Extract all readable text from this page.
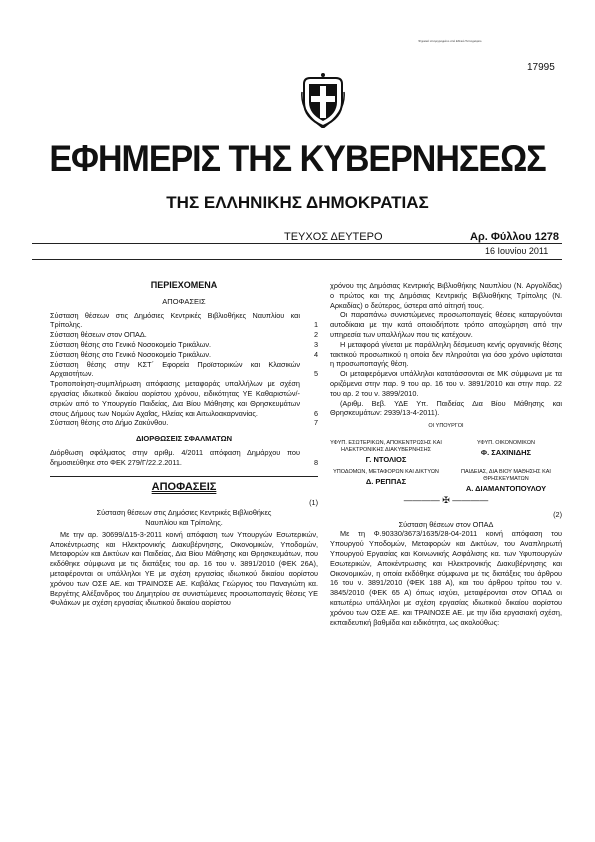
Ψηφιακά υπογεγραμμένο από Εθνικό Τυπογραφείο
17995
ΕΦΗΜΕΡΙΣ ΤΗΣ ΚΥΒΕΡΝΗΣΕΩΣ
ΤΗΣ ΕΛΛΗΝΙΚΗΣ ΔΗΜΟΚΡΑΤΙΑΣ
ΤΕΥΧΟΣ ΔΕΥΤΕΡΟ	Αρ. Φύλλου 1278
16 Ιουνίου 2011
ΠΕΡΙΕΧΟΜΕΝΑ
ΑΠΟΦΑΣΕΙΣ
Σύσταση θέσεων στις Δημόσιες Κεντρικές Βιβλιοθήκες Ναυπλίου και Τρίπολης.	1
Σύσταση θέσεων στον ΟΠΑΔ.	2
Σύσταση θέσης στο Γενικό Νοσοκομείο Τρικάλων.	3
Σύσταση θέσης στο Γενικό Νοσοκομείο Τρικάλων.	4
Σύσταση θέσης στην ΚΣΤ΄ Εφορεία Προϊστορικών και Κλασικών Αρχαιοτήτων.	5
Τροποποίηση-συμπλήρωση απόφασης μεταφοράς υπαλλήλων με σχέση εργασίας ιδιωτικού δικαίου αορίστου χρόνου, ειδικότητας ΥΕ Καθαριστών/-στριών από το Υπουργείο Παιδείας, Δια Βίου Μάθησης και Θρησκευμάτων στους Δήμους των Νομών Αχαΐας, Ηλείας και Αιτωλοακαρνανίας.	6
Σύσταση θέσης στο Δήμο Ζακύνθου.	7
ΔΙΟΡΘΩΣΕΙΣ ΣΦΑΛΜΑΤΩΝ
Διόρθωση σφάλματος στην αριθμ. 4/2011 απόφαση Δημάρχου που δημοσιεύθηκε στο ΦΕΚ 279/Γ/22.2.2011.	8
ΑΠΟΦΑΣΕΙΣ
(1)
Σύσταση θέσεων στις Δημόσιες Κεντρικές Βιβλιοθήκες Ναυπλίου και Τρίπολης.

Με την αρ. 30699/Δ15-3-2011 κοινή απόφαση των Υπουργών Εσωτερικών, Αποκέντρωσης και Ηλεκτρονικής Διακυβέρνησης, Οικονομικών, Υποδομών, Μεταφορών και Δικτύων και Παιδείας, Δια Βίου Μάθησης και Θρησκευμάτων, που εκδόθηκε σύμφωνα με τις διατάξεις του αρ. 16 του ν. 3891/2010 (ΦΕΚ 26Α), μεταφέρονται οι υπάλληλοι ΥΕ με σχέση εργασίας ιδιωτικού δικαίου αορίστου χρόνου των ΟΣΕ ΑΕ. και ΤΡΑΙΝΟΣΕ ΑΕ. Καβάλας Γεώργιος του Παναγιώτη κα. Βεργέτης Αλέξανδρος του Δημητρίου σε συνιστώμενες προσωποπαγείς θέσεις ΥΕ Φυλάκων με σχέση εργασίας ιδιωτικού δικαίου αορίστου

χρόνου της Δημόσιας Κεντρικής Βιβλιοθήκης Ναυπλίου (Ν. Αργολίδας) ο πρώτος και της Δημόσιας Κεντρικής Βιβλιοθήκης Τρίπολης (Ν. Αρκαδίας) ο δεύτερος, ύστερα από αίτησή τους.

Οι παραπάνω συνιστώμενες προσωποπαγείς θέσεις καταργούνται αυτοδίκαια με την κατά οποιοδήποτε τρόπο αποχώρηση από την υπηρεσία των υπαλλήλων που τις κατέχουν.

Η μεταφορά γίνεται με παράλληλη δέσμευση κενής οργανικής θέσης τακτικού προσωπικού η οποία δεν πληρούται για όσο χρόνο υφίσταται η προσωποπαγής θέση.

Οι μεταφερόμενοι υπάλληλοι κατατάσσονται σε ΜΚ σύμφωνα με τα οριζόμενα στην παρ. 9 του αρ. 16 του ν. 3891/2010 και στην παρ. 22 του αρ. 2 του ν. 3899/2010.

(Αριθμ. Βεβ. ΥΔΕ Υπ. Παιδείας Δια Βίου Μάθησης και Θρησκευμάτων: 2939/13-4-2011).

ΟΙ ΥΠΟΥΡΓΟΙ
ΥΦΥΠ. ΕΣΩΤΕΡΙΚΩΝ, ΑΠΟΚΕΝΤΡΩΣΗΣ ΚΑΙ ΗΛΕΚΤΡΟΝΙΚΗΣ ΔΙΑΚΥΒΕΡΝΗΣΗΣ
Γ. ΝΤΟΛΙΟΣ
ΥΦΥΠ. ΟΙΚΟΝΟΜΙΚΩΝ
Φ. ΣΑΧΙΝΙΔΗΣ
ΥΠΟΔΟΜΩΝ, ΜΕΤΑΦΟΡΩΝ ΚΑΙ ΔΙΚΤΥΩΝ
Δ. ΡΕΠΠΑΣ
ΠΑΙΔΕΙΑΣ, ΔΙΑ ΒΙΟΥ ΜΑΘΗΣΗΣ ΚΑΙ ΘΡΗΣΚΕΥΜΑΤΩΝ
Α. ΔΙΑΜΑΝΤΟΠΟΥΛΟΥ
———— ✠ ————
(2)
Σύσταση θέσεων στον ΟΠΑΔ

Με τη Φ.90330/3673/1635/28-04-2011 κοινή απόφαση του Υπουργού Υποδομών, Μεταφορών και Δικτύων, του Αναπληρωτή Υπουργού Εργασίας και Κοινωνικής Ασφάλισης κα. των Υφυπουργών Εσωτερικών, Αποκέντρωσης και Ηλεκτρονικής Διακυβέρνησης και Οικονομικών, η οποία εκδόθηκε σύμφωνα με τις διατάξεις του άρθρου 16 του ν. 3891/2010 (ΦΕΚ 188 Α), και του άρθρου τρίτου του ν. 3845/2010 (ΦΕΚ 65 Α) όπως ισχύει, μεταφέρονται στον ΟΠΑΔ οι κατωτέρω υπάλληλοι με σχέση εργασίας ιδιωτικού δικαίου αορίστου χρόνου των ΟΣΕ ΑΕ. και ΤΡΑΙΝΟΣΕ ΑΕ. με την ίδια εργασιακή σχέση, εκπαιδευτική βαθμίδα και ειδικότητα, ως ακολούθως:
